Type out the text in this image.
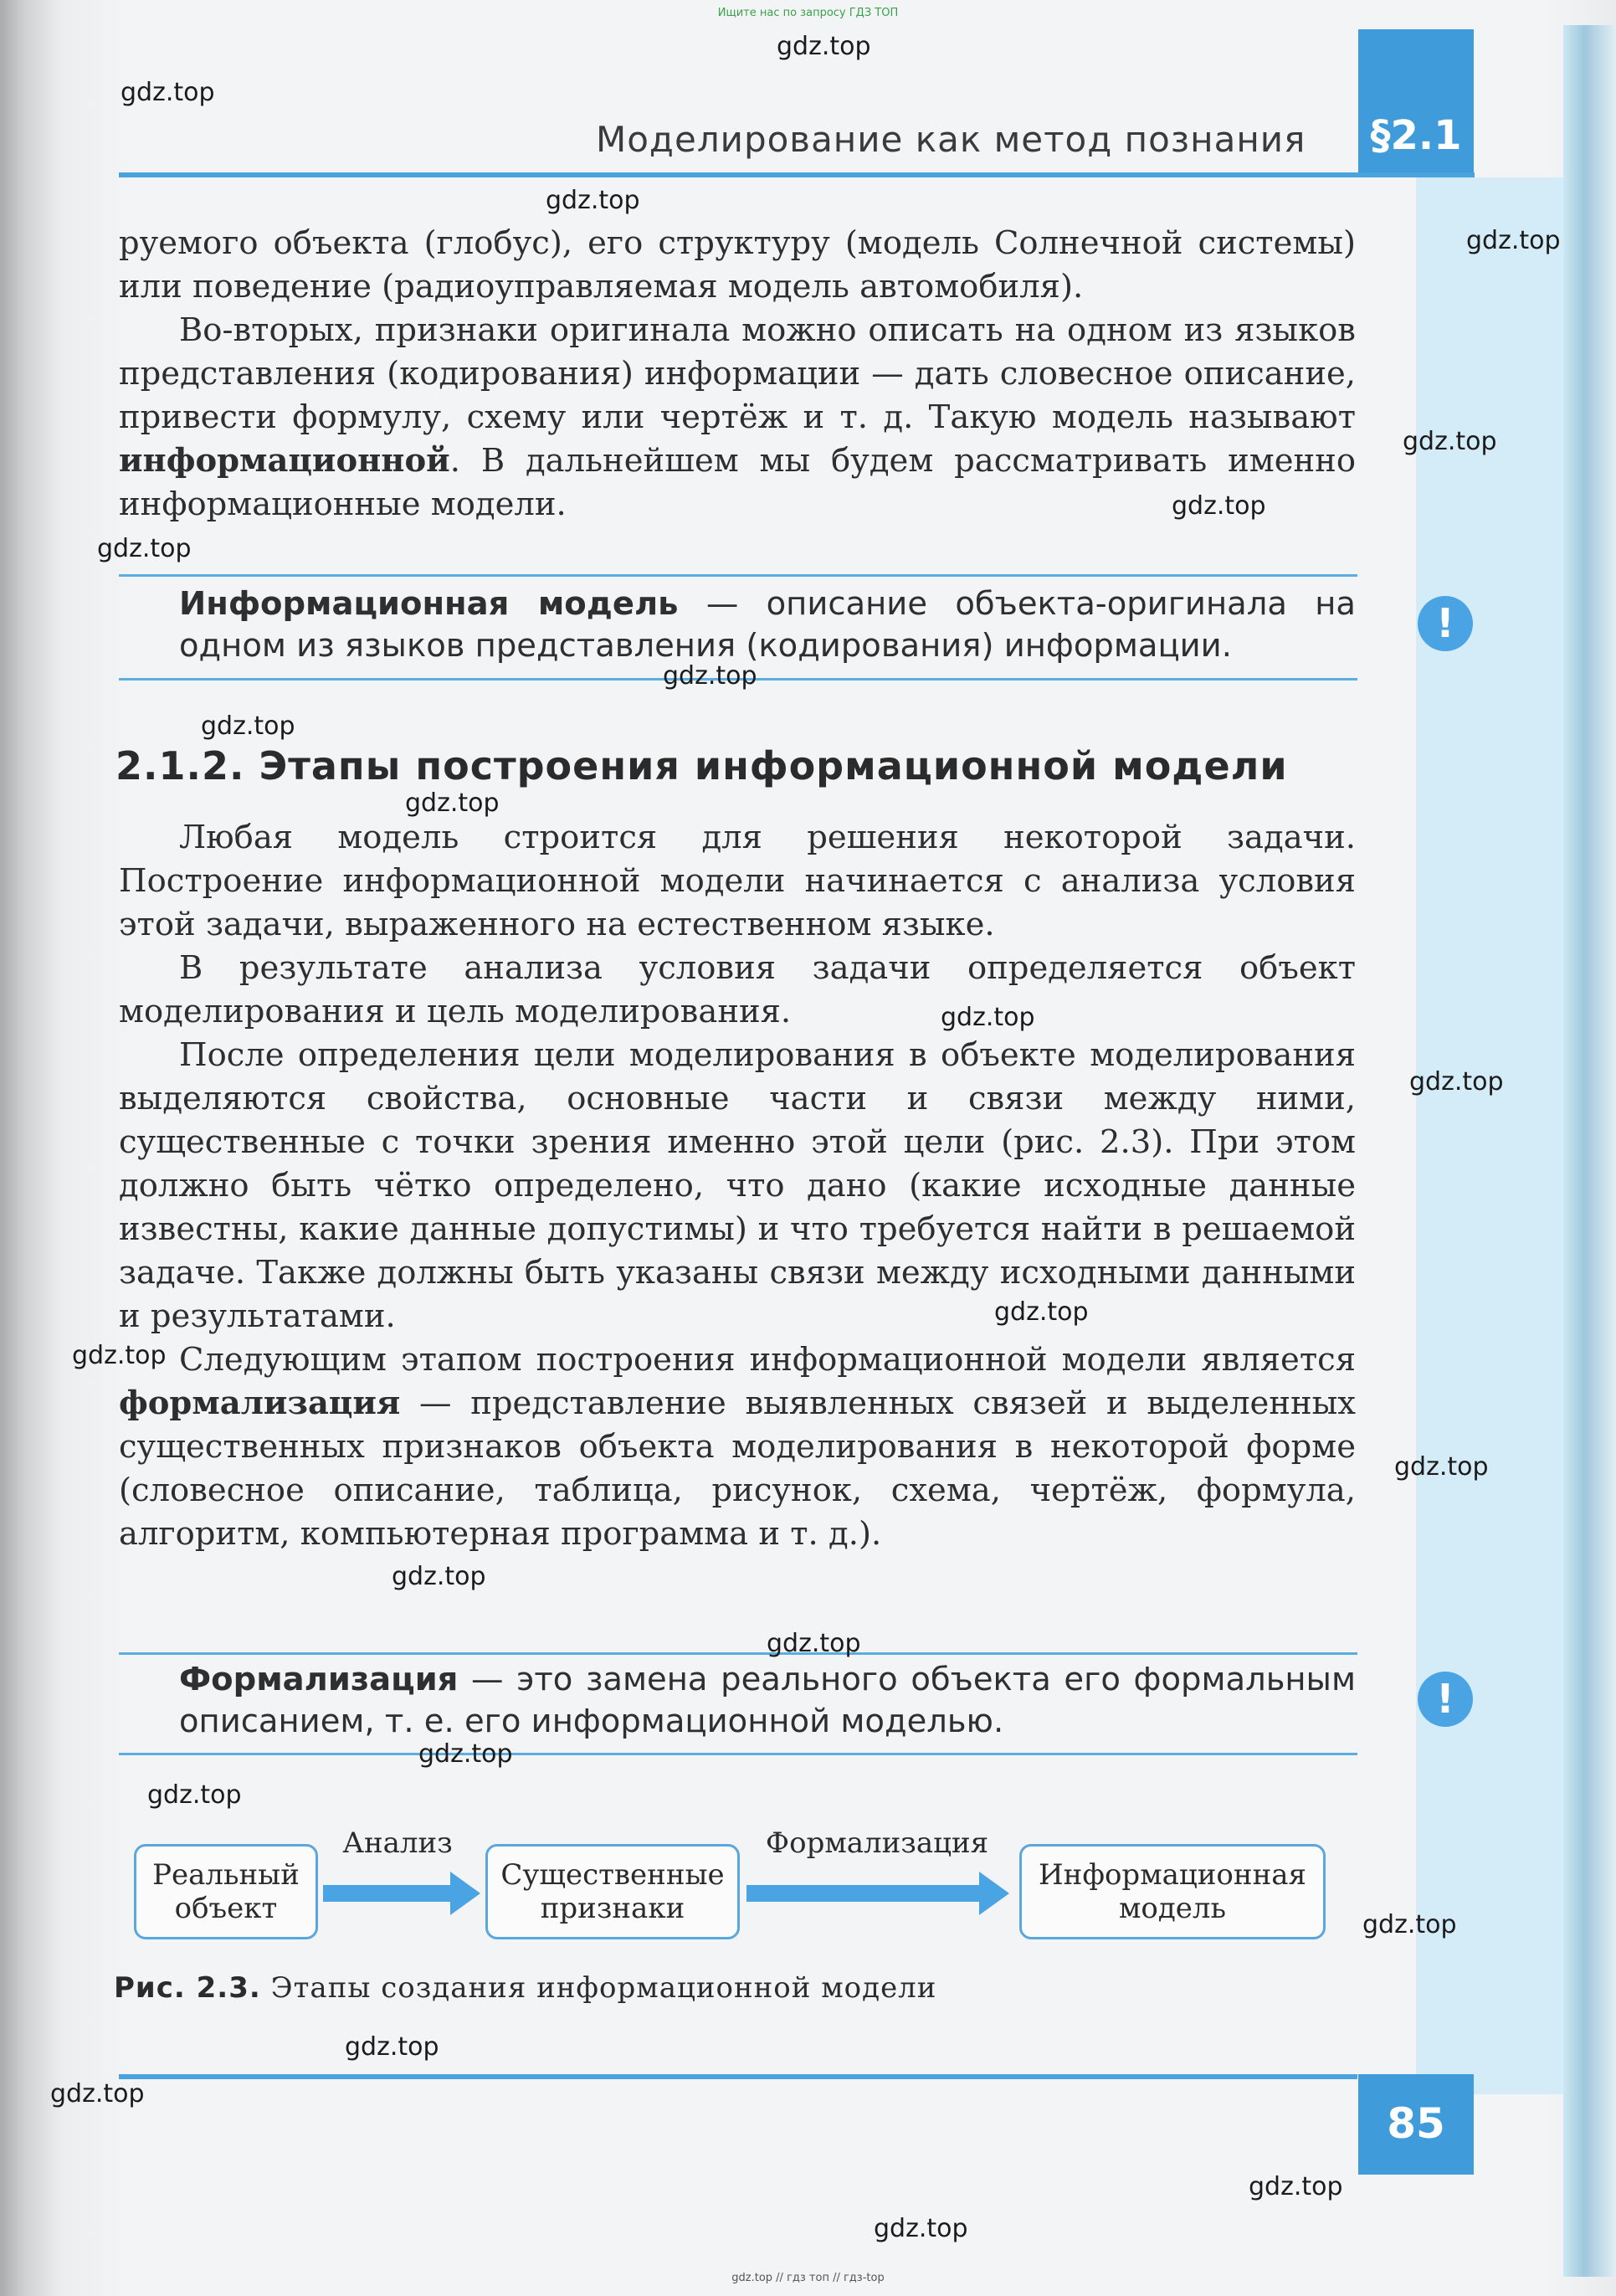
Ищите нас по запросу ГДЗ ТОП
§2.1
Моделирование как метод познания

руемого объекта (глобус), его структуру (модель Солнечной системы) или поведение (радиоуправляемая модель автомобиля).

Во-вторых, признаки оригинала можно описать на одном из языков представления (кодирования) информации — дать словесное описание, привести формулу, схему или чертёж и т. д. Такую модель называют информационной. В дальнейшем мы будем рассматривать именно информационные модели.

Информационная модель — описание объекта-оригинала на одном из языков представления (кодирования) информации.	!
2.1.2. Этапы построения информационной модели

Любая модель строится для решения некоторой задачи. Построение информационной модели начинается с анализа условия этой задачи, выраженного на естественном языке.

В результате анализа условия задачи определяется объект моделирования и цель моделирования.

После определения цели моделирования в объекте моделирования выделяются свойства, основные части и связи между ними, существенные с точки зрения именно этой цели (рис. 2.3). При этом должно быть чётко определено, что дано (какие исходные данные известны, какие данные допустимы) и что требуется найти в решаемой задаче. Также должны быть указаны связи между исходными данными и результатами.

Следующим этапом построения информационной модели является формализация — представление выявленных связей и выделенных существенных признаков объекта моделирования в некоторой форме (словесное описание, таблица, рисунок, схема, чертёж, формула, алгоритм, компьютерная программа и т. д.).

Формализация — это замена реального объекта его формальным описанием, т. е. его информационной моделью.	!
Реальный объект
Анализ
Существенные признаки
Формализация
Информационная модель
Рис. 2.3. Этапы создания информационной модели
85
gdz.top // гдз топ // гдз-top
gdz.top
gdz.top
gdz.top
gdz.top
gdz.top
gdz.top
gdz.top
gdz.top
gdz.top
gdz.top
gdz.top
gdz.top
gdz.top
gdz.top
gdz.top
gdz.top
gdz.top
gdz.top
gdz.top
gdz.top
gdz.top
gdz.top
gdz.top
gdz.top
